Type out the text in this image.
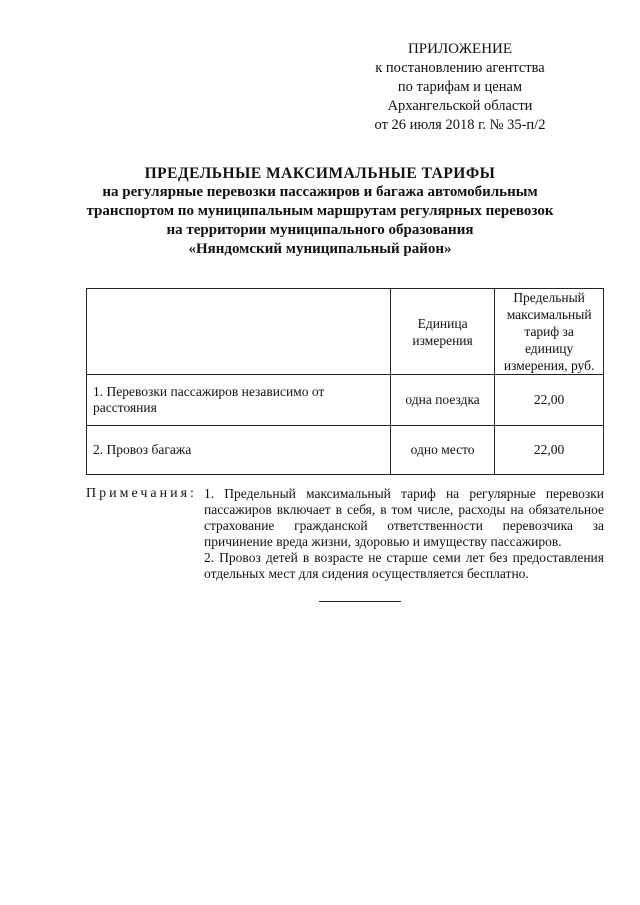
ПРИЛОЖЕНИЕ
к постановлению агентства
по тарифам и ценам
Архангельской области
от 26 июля 2018 г. № 35-п/2
ПРЕДЕЛЬНЫЕ МАКСИМАЛЬНЫЕ ТАРИФЫ
на регулярные перевозки пассажиров и багажа автомобильным
транспортом по муниципальным маршрутам регулярных перевозок
на территории муниципального образования
«Няндомский муниципальный район»
	Единица измерения	Предельный максимальный тариф за единицу измерения, руб.
1. Перевозки пассажиров независимо от расстояния	одна поездка	22,00
2. Провоз багажа	одно место	22,00
Примечания: 1. Предельный максимальный тариф на регулярные перевозки пассажиров включает в себя, в том числе, расходы на обязательное страхование гражданской ответственности перевозчика за причинение вреда жизни, здоровью и имуществу пассажиров.

2. Провоз детей в возрасте не старше семи лет без предоставления отдельных мест для сидения осуществляется бесплатно.
